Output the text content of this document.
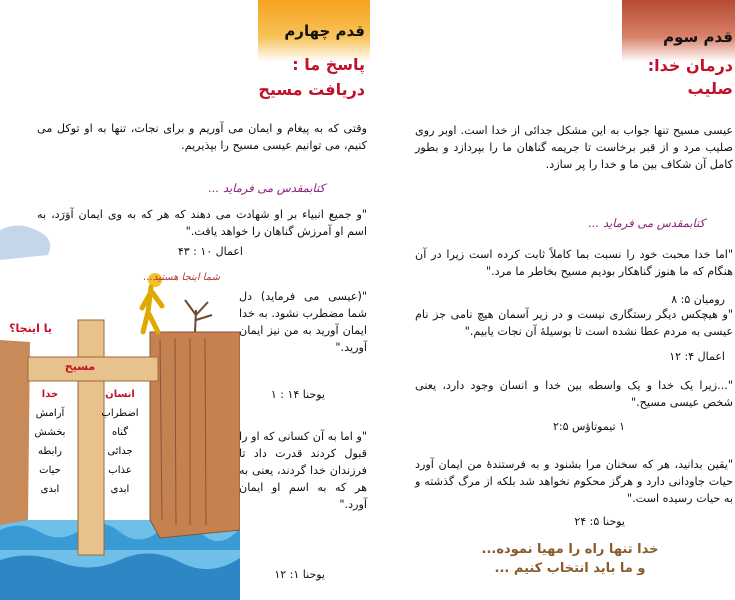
قدم چهارم
پاسخ ما :
دریافت مسیح

وقتی که به پیغام و ایمان می آوریم و برای نجات، تنها به او توکل می کنیم، می توانیم عیسی مسیح را بپذیریم.

کتابمقدس می فرماید ...

"و جمیع انبیاء بر او شهادت می دهند که هر که به وی ایمان آوَرَد، به اسم او آمرزش گناهان را خواهد یافت."

اعمال ۱۰ : ۴۳
شما اینجا هستید...
یا اینجا؟
مسیح
خدا
آرامش
بخشش
رابطه
حیات
ابدی
انسان
اضطراب
گناه
جدائی
عذاب
ابدی

"(عیسی می فرماید) دل شما مضطرب نشود. به خدا ایمان آورید به من نیز ایمان آورید."

یوحنا ۱۴ : ۱

"و اما به آن کسانی که او را قبول کردند قدرت داد تا فرزندان خدا گردند، یعنی به هر که به اسم او ایمان آورد."

یوحنا ۱: ۱۲
قدم سوم
درمان خدا:
صلیب

عیسی مسیح تنها جواب به این مشکل جدائی از خدا است. اوبر روی صلیب مرد و از قبر برخاست تا جریمه گناهان ما را بپردازد و بطور کامل آن شکاف بین ما و خدا را پر سازد.

کتابمقدس می فرماید ...

"اما خدا محبت خود را نسبت بما کاملاً ثابت کرده است زیرا در آن هنگام که ما هنوز گناهکار بودیم مسیح بخاطر ما مرد."

رومیان ۵: ۸

"و هیچکس دیگر رستگاری نیست و در زیر آسمان هیچ نامی جز نام عیسی به مردم عطا نشده است تا بوسیلهٔ آن نجات یابیم."

اعمال ۴: ۱۲

"...زیرا یک خدا و یک واسطه بین خدا و انسان وجود دارد، یعنی شخص عیسی مسیح."

۱ تیموتاؤس ۲:۵

"یقین بدانید، هر که سخنان مرا بشنود و به فرستندهٔ من ایمان آورد حیات جاودانی دارد و هرگز محکوم نخواهد شد بلکه از مرگ گذشته و به حیات رسیده است."

یوحنا ۵: ۲۴
خدا تنها راه را مهیا نموده...
و ما باید انتخاب کنیم ...
